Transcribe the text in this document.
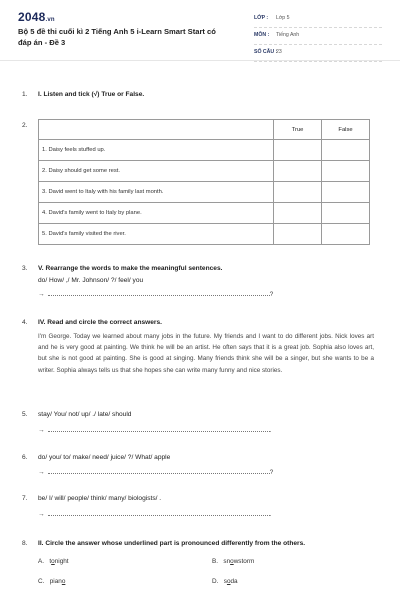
2048.vn
Bộ 5 đề thi cuối kì 2 Tiếng Anh 5 i-Learn Smart Start có đáp án - Đề 3
LỚP : Lớp 5
MÔN : Tiếng Anh
SỐ CÂU :
23
1. I. Listen and tick (√) True or False.
2.
	True	False
1. Daisy feels stuffed up.		
2. Daisy should get some rest.		
3. David went to Italy with his family last month.		
4. David's family went to Italy by plane.		
5. David's family visited the river.		
3. V. Rearrange the words to make the meaningful sentences.
do/ How/ ,/ Mr. Johnson/ ?/ feel/ you
→	?
4. IV. Read and circle the correct answers.
I'm George. Today we learned about many jobs in the future. My friends and I want to do different jobs. Nick loves art and he is very good at painting. We think he will be an artist. He often says that it is a great job. Sophia also loves art, but she is not good at painting. She is good at singing. Many friends think she will be a singer, but she wants to be a writer. Sophia always tells us that she hopes she can write many funny and nice stories.
5. stay/ You/ not/ up/ ./ late/ should
→	.
6. do/ you/ to/ make/ need/ juice/ ?/ What/ apple
→	?
7. be/ I/ will/ people/ think/ many/ biologists/ .
→	.
8. II. Circle the answer whose underlined part is pronounced differently from the others.
A. tonight	B. snowstorm
C. piano	D. soda
